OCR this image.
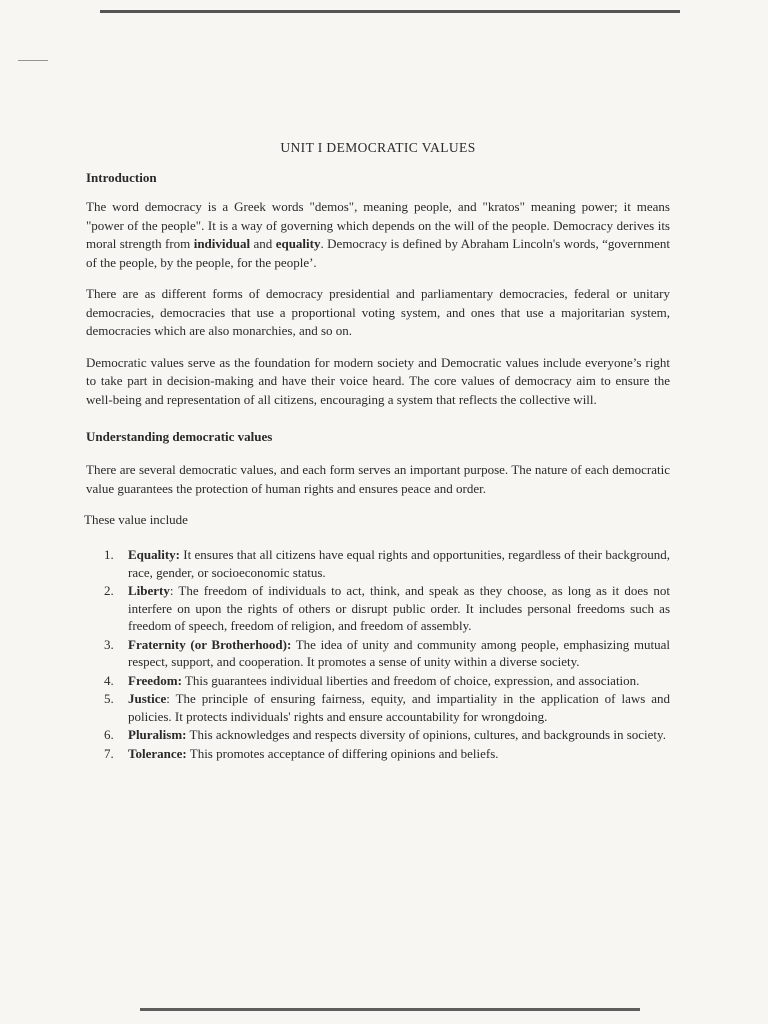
UNIT I DEMOCRATIC VALUES
Introduction

The word democracy is a Greek words "demos", meaning people, and "kratos" meaning power; it means "power of the people". It is a way of governing which depends on the will of the people. Democracy derives its moral strength from individual and equality. Democracy is defined by Abraham Lincoln's words, “government of the people, by the people, for the people’.

There are as different forms of democracy presidential and parliamentary democracies, federal or unitary democracies, democracies that use a proportional voting system, and ones that use a majoritarian system, democracies which are also monarchies, and so on.

Democratic values serve as the foundation for modern society and Democratic values include everyone’s right to take part in decision-making and have their voice heard. The core values of democracy aim to ensure the well-being and representation of all citizens, encouraging a system that reflects the collective will.

Understanding democratic values

There are several democratic values, and each form serves an important purpose. The nature of each democratic value guarantees the protection of human rights and ensures peace and order.

These value include
1. Equality: It ensures that all citizens have equal rights and opportunities, regardless of their background, race, gender, or socioeconomic status.
2. Liberty: The freedom of individuals to act, think, and speak as they choose, as long as it does not interfere on upon the rights of others or disrupt public order. It includes personal freedoms such as freedom of speech, freedom of religion, and freedom of assembly.
3. Fraternity (or Brotherhood): The idea of unity and community among people, emphasizing mutual respect, support, and cooperation. It promotes a sense of unity within a diverse society.
4. Freedom: This guarantees individual liberties and freedom of choice, expression, and association.
5. Justice: The principle of ensuring fairness, equity, and impartiality in the application of laws and policies. It protects individuals' rights and ensure accountability for wrongdoing.
6. Pluralism: This acknowledges and respects diversity of opinions, cultures, and backgrounds in society.
7. Tolerance: This promotes acceptance of differing opinions and beliefs.
